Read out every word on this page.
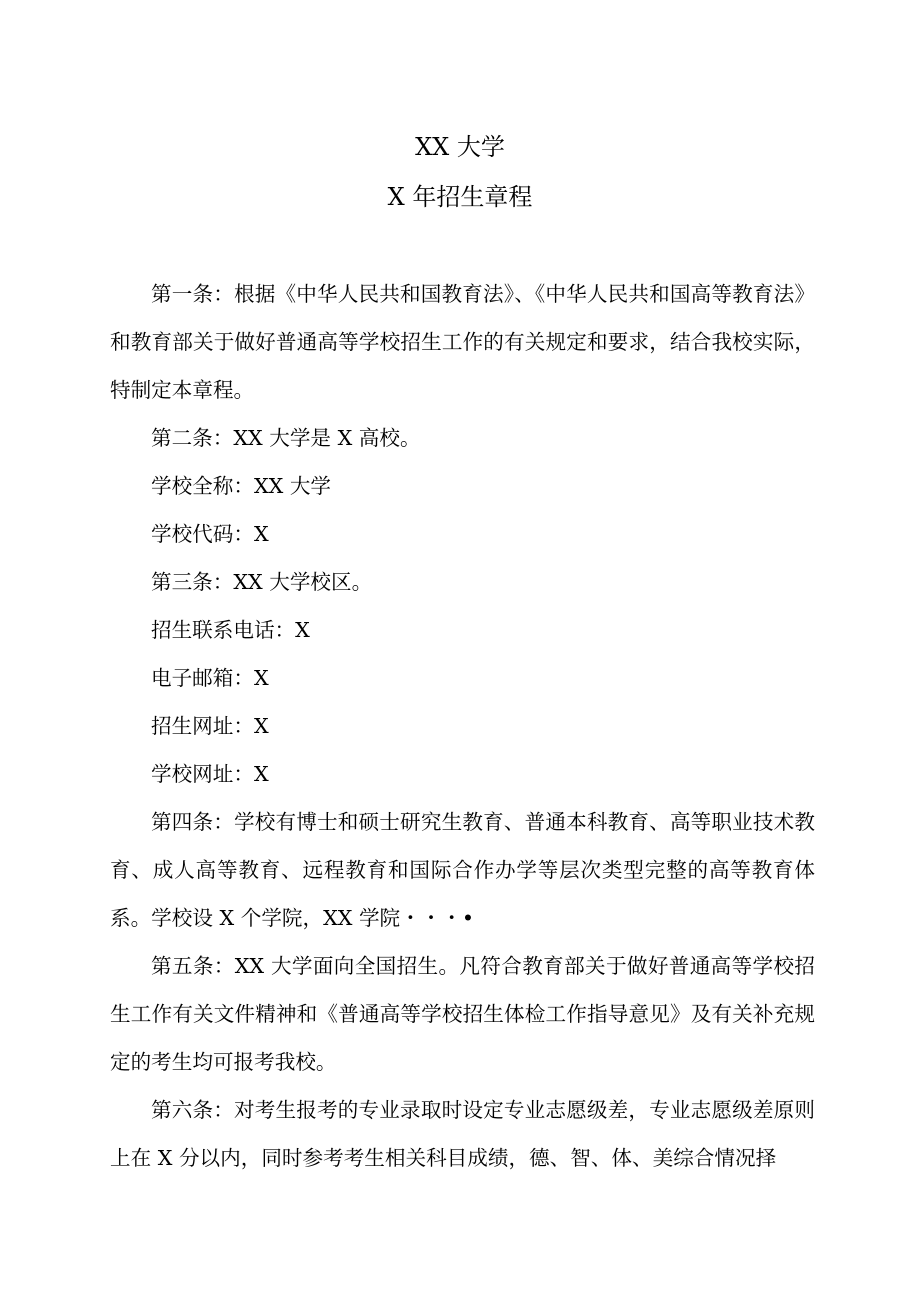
XX 大学
X 年招生章程

第一条：根据《中华人民共和国教育法》、《中华人民共和国高等教育法》和教育部关于做好普通高等学校招生工作的有关规定和要求，结合我校实际，特制定本章程。

第二条：XX 大学是 X 高校。

学校全称：XX 大学

学校代码：X

第三条：XX 大学校区。

招生联系电话：X

电子邮箱：X

招生网址：X

学校网址：X

第四条：学校有博士和硕士研究生教育、普通本科教育、高等职业技术教育、成人高等教育、远程教育和国际合作办学等层次类型完整的高等教育体系。学校设 X 个学院，XX 学院・・・•

第五条：XX 大学面向全国招生。凡符合教育部关于做好普通高等学校招生工作有关文件精神和《普通高等学校招生体检工作指导意见》及有关补充规定的考生均可报考我校。

第六条：对考生报考的专业录取时设定专业志愿级差，专业志愿级差原则上在 X 分以内，同时参考考生相关科目成绩，德、智、体、美综合情况择
